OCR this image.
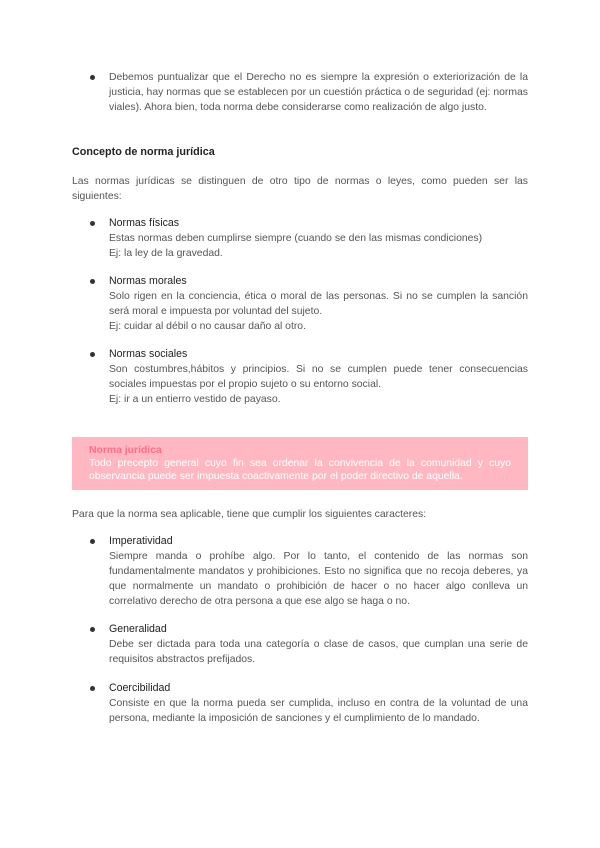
Debemos puntualizar que el Derecho no es siempre la expresión o exteriorización de la justicia, hay normas que se establecen por un cuestión práctica o de seguridad (ej: normas viales). Ahora bien, toda norma debe considerarse como realización de algo justo.
Concepto de norma jurídica
Las normas jurídicas se distinguen de otro tipo de normas o leyes, como pueden ser las siguientes:
Normas físicas
Estas normas deben cumplirse siempre (cuando se den las mismas condiciones)
Ej: la ley de la gravedad.
Normas morales
Solo rigen en la conciencia, ética o moral de las personas. Si no se cumplen la sanción será moral e impuesta por voluntad del sujeto.
Ej: cuidar al débil o no causar daño al otro.
Normas sociales
Son costumbres,hábitos y principios. Si no se cumplen puede tener consecuencias sociales impuestas por el propio sujeto o su entorno social.
Ej: ir a un entierro vestido de payaso.
Norma jurídica
Todo precepto general cuyo fin sea ordenar la convivencia de la comunidad y cuyo observancia puede ser impuesta coactivamente por el poder directivo de aquella.
Para que la norma sea aplicable, tiene que cumplir los siguientes caracteres:
Imperatividad
Siempre manda o prohíbe algo. Por lo tanto, el contenido de las normas son fundamentalmente mandatos y prohibiciones. Esto no significa que no recoja deberes, ya que normalmente un mandato o prohibición de hacer o no hacer algo conlleva un correlativo derecho de otra persona a que ese algo se haga o no.
Generalidad
Debe ser dictada para toda una categoría o clase de casos, que cumplan una serie de requisitos abstractos prefijados.
Coercibilidad
Consiste en que la norma pueda ser cumplida, incluso en contra de la voluntad de una persona, mediante la imposición de sanciones y el cumplimiento de lo mandado.
